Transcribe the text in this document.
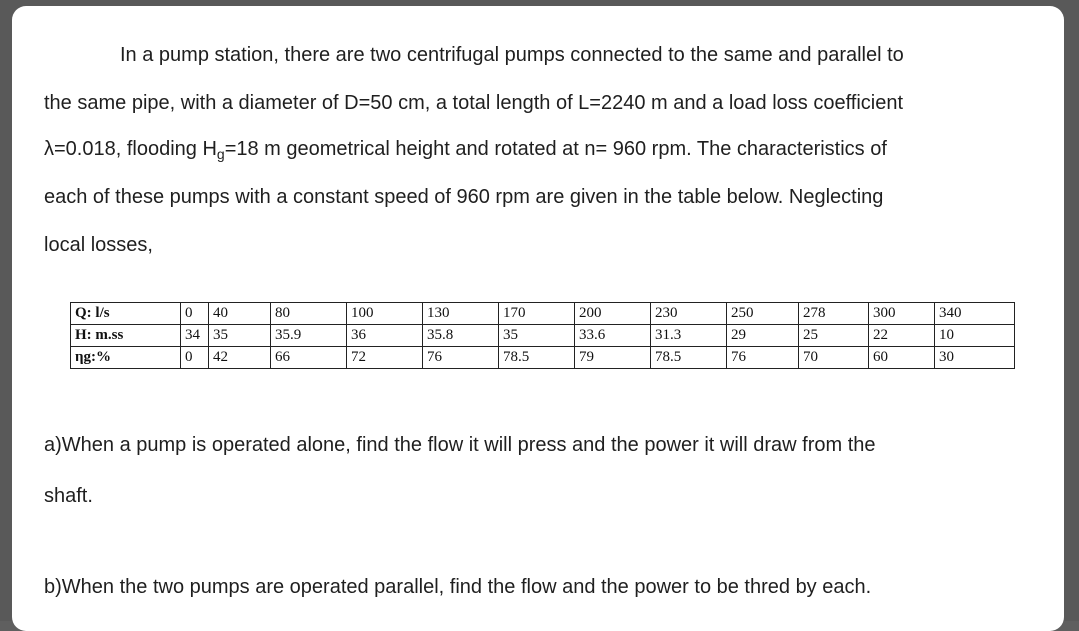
In a pump station, there are two centrifugal pumps connected to the same and parallel to
the same pipe, with a diameter of D=50 cm, a total length of L=2240 m and a load loss coefficient
λ=0.018, flooding $H_g=18$ m geometrical height and rotated at n= 960 rpm. The characteristics of
each of these pumps with a constant speed of 960 rpm are given in the table below. Neglecting
local losses,
Q: l/s	0	40	80	100	130	170	200	230	250	278	300	340
H: m.ss	34	35	35.9	36	35.8	35	33.6	31.3	29	25	22	10
ηg:%	0	42	66	72	76	78.5	79	78.5	76	70	60	30
a)When a pump is operated alone, find the flow it will press and the power it will draw from the
shaft.
b)When the two pumps are operated parallel, find the flow and the power to be thred by each.
